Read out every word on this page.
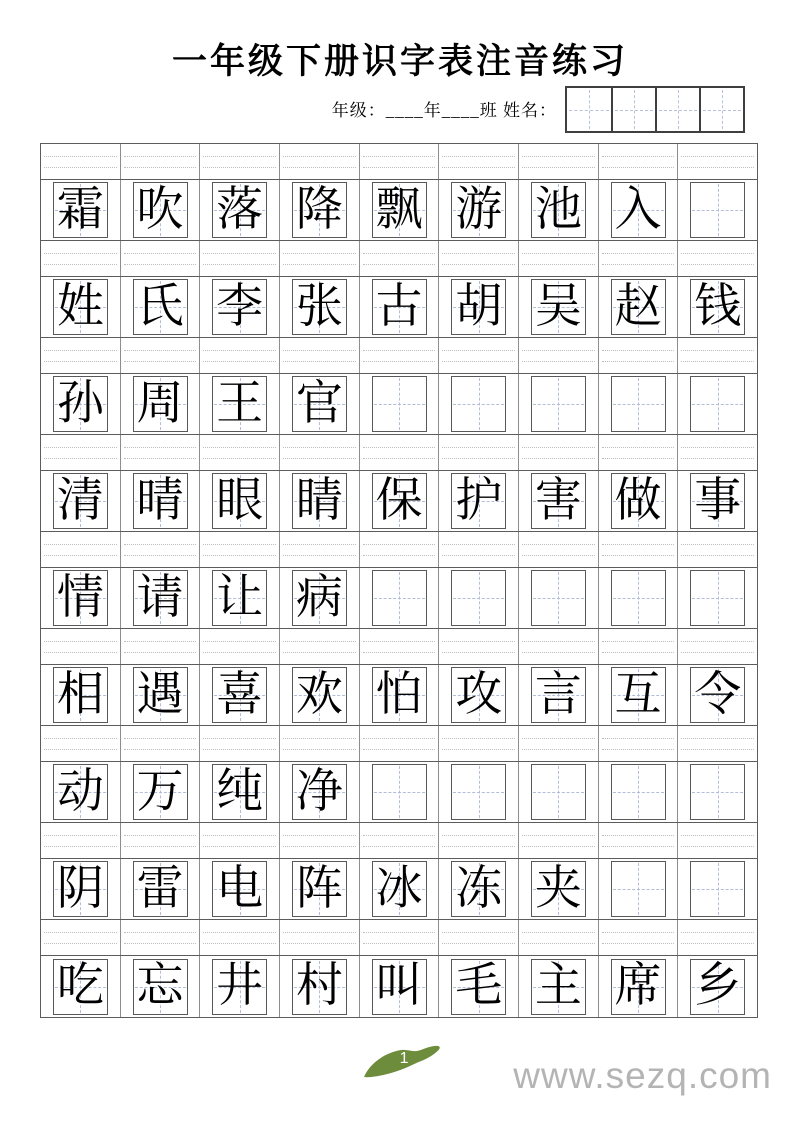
一年级下册识字表注音练习
年级：____年____班 姓名：
霜 吹 落 降 飘 游 池 入
姓 氏 李 张 古 胡 吴 赵 钱
孙 周 王 官
清 晴 眼 睛 保 护 害 做 事
情 请 让 病
相 遇 喜 欢 怕 攻 言 互 令
动 万 纯 净
阴 雷 电 阵 冰 冻 夹
吃 忘 井 村 叫 毛 主 席 乡
1	www.sezq.com
